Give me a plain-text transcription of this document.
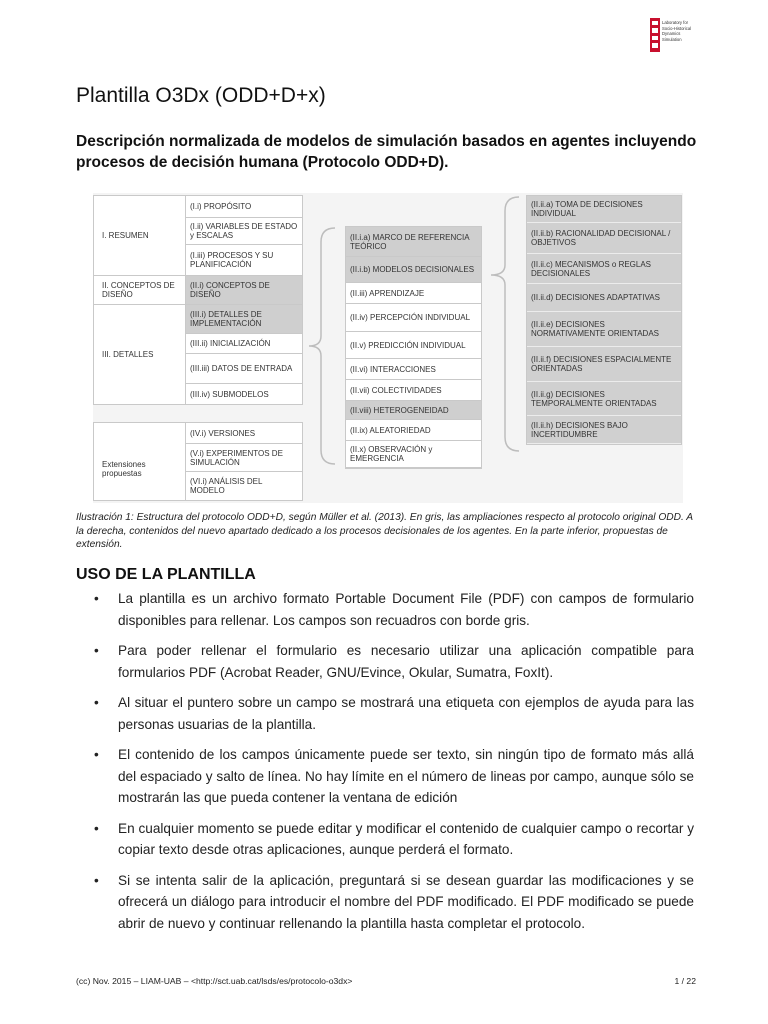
Laboratory for
Socio-Historical
Dynamics
Simulation
Plantilla O3Dx (ODD+D+x)

Descripción normalizada de modelos de simulación basados en agentes incluyendo procesos de decisión humana (Protocolo ODD+D).

I. RESUMEN
(I.i) PROPÓSITO
(I.ii) VARIABLES DE ESTADO y ESCALAS
(I.iii) PROCESOS Y SU PLANIFICACIÓN
II. CONCEPTOS DE DISEÑO
(II.i) CONCEPTOS DE DISEÑO
III. DETALLES
(III.i) DETALLES DE IMPLEMENTACIÓN
(III.ii) INICIALIZACIÓN
(III.iii) DATOS DE ENTRADA
(III.iv) SUBMODELOS
Extensiones propuestas
(IV.i) VERSIONES
(V.i) EXPERIMENTOS DE SIMULACIÓN
(VI.i) ANÁLISIS DEL MODELO
(II.i.a) MARCO DE REFERENCIA TEÓRICO
(II.i.b) MODELOS DECISIONALES
(II.iii) APRENDIZAJE
(II.iv) PERCEPCIÓN INDIVIDUAL
(II.v) PREDICCIÓN INDIVIDUAL
(II.vi) INTERACCIONES
(II.vii) COLECTIVIDADES
(II.viii) HETEROGENEIDAD
(II.ix) ALEATORIEDAD
(II.x) OBSERVACIÓN y EMERGENCIA
(II.ii.a) TOMA DE DECISIONES INDIVIDUAL
(II.ii.b) RACIONALIDAD DECISIONAL / OBJETIVOS
(II.ii.c) MECANISMOS o REGLAS DECISIONALES
(II.ii.d) DECISIONES ADAPTATIVAS
(II.ii.e) DECISIONES NORMATIVAMENTE ORIENTADAS
(II.ii.f) DECISIONES ESPACIALMENTE ORIENTADAS
(II.ii.g) DECISIONES TEMPORALMENTE ORIENTADAS
(II.ii.h) DECISIONES BAJO INCERTIDUMBRE

Ilustración 1: Estructura del protocolo ODD+D, según Müller et al. (2013). En gris, las ampliaciones respecto al protocolo original ODD. A la derecha, contenidos del nuevo apartado dedicado a los procesos decisionales de los agentes. En la parte inferior, propuestas de extensión.

USO DE LA PLANTILLA
• La plantilla es un archivo formato Portable Document File (PDF) con campos de formulario disponibles para rellenar. Los campos son recuadros con borde gris.
• Para poder rellenar el formulario es necesario utilizar una aplicación compatible para formularios PDF (Acrobat Reader, GNU/Evince, Okular, Sumatra, FoxIt).
• Al situar el puntero sobre un campo se mostrará una etiqueta con ejemplos de ayuda para las personas usuarias de la plantilla.
• El contenido de los campos únicamente puede ser texto, sin ningún tipo de formato más allá del espaciado y salto de línea. No hay límite en el número de lineas por campo, aunque sólo se mostrarán las que pueda contener la ventana de edición
• En cualquier momento se puede editar y modificar el contenido de cualquier campo o recortar y copiar texto desde otras aplicaciones, aunque perderá el formato.
• Si se intenta salir de la aplicación, preguntará si se desean guardar las modificaciones y se ofrecerá un diálogo para introducir el nombre del PDF modificado. El PDF modificado se puede abrir de nuevo y continuar rellenando la plantilla hasta completar el protocolo.
(cc) Nov. 2015 – LIAM-UAB – <http://sct.uab.cat/lsds/es/protocolo-o3dx>	1 / 22
